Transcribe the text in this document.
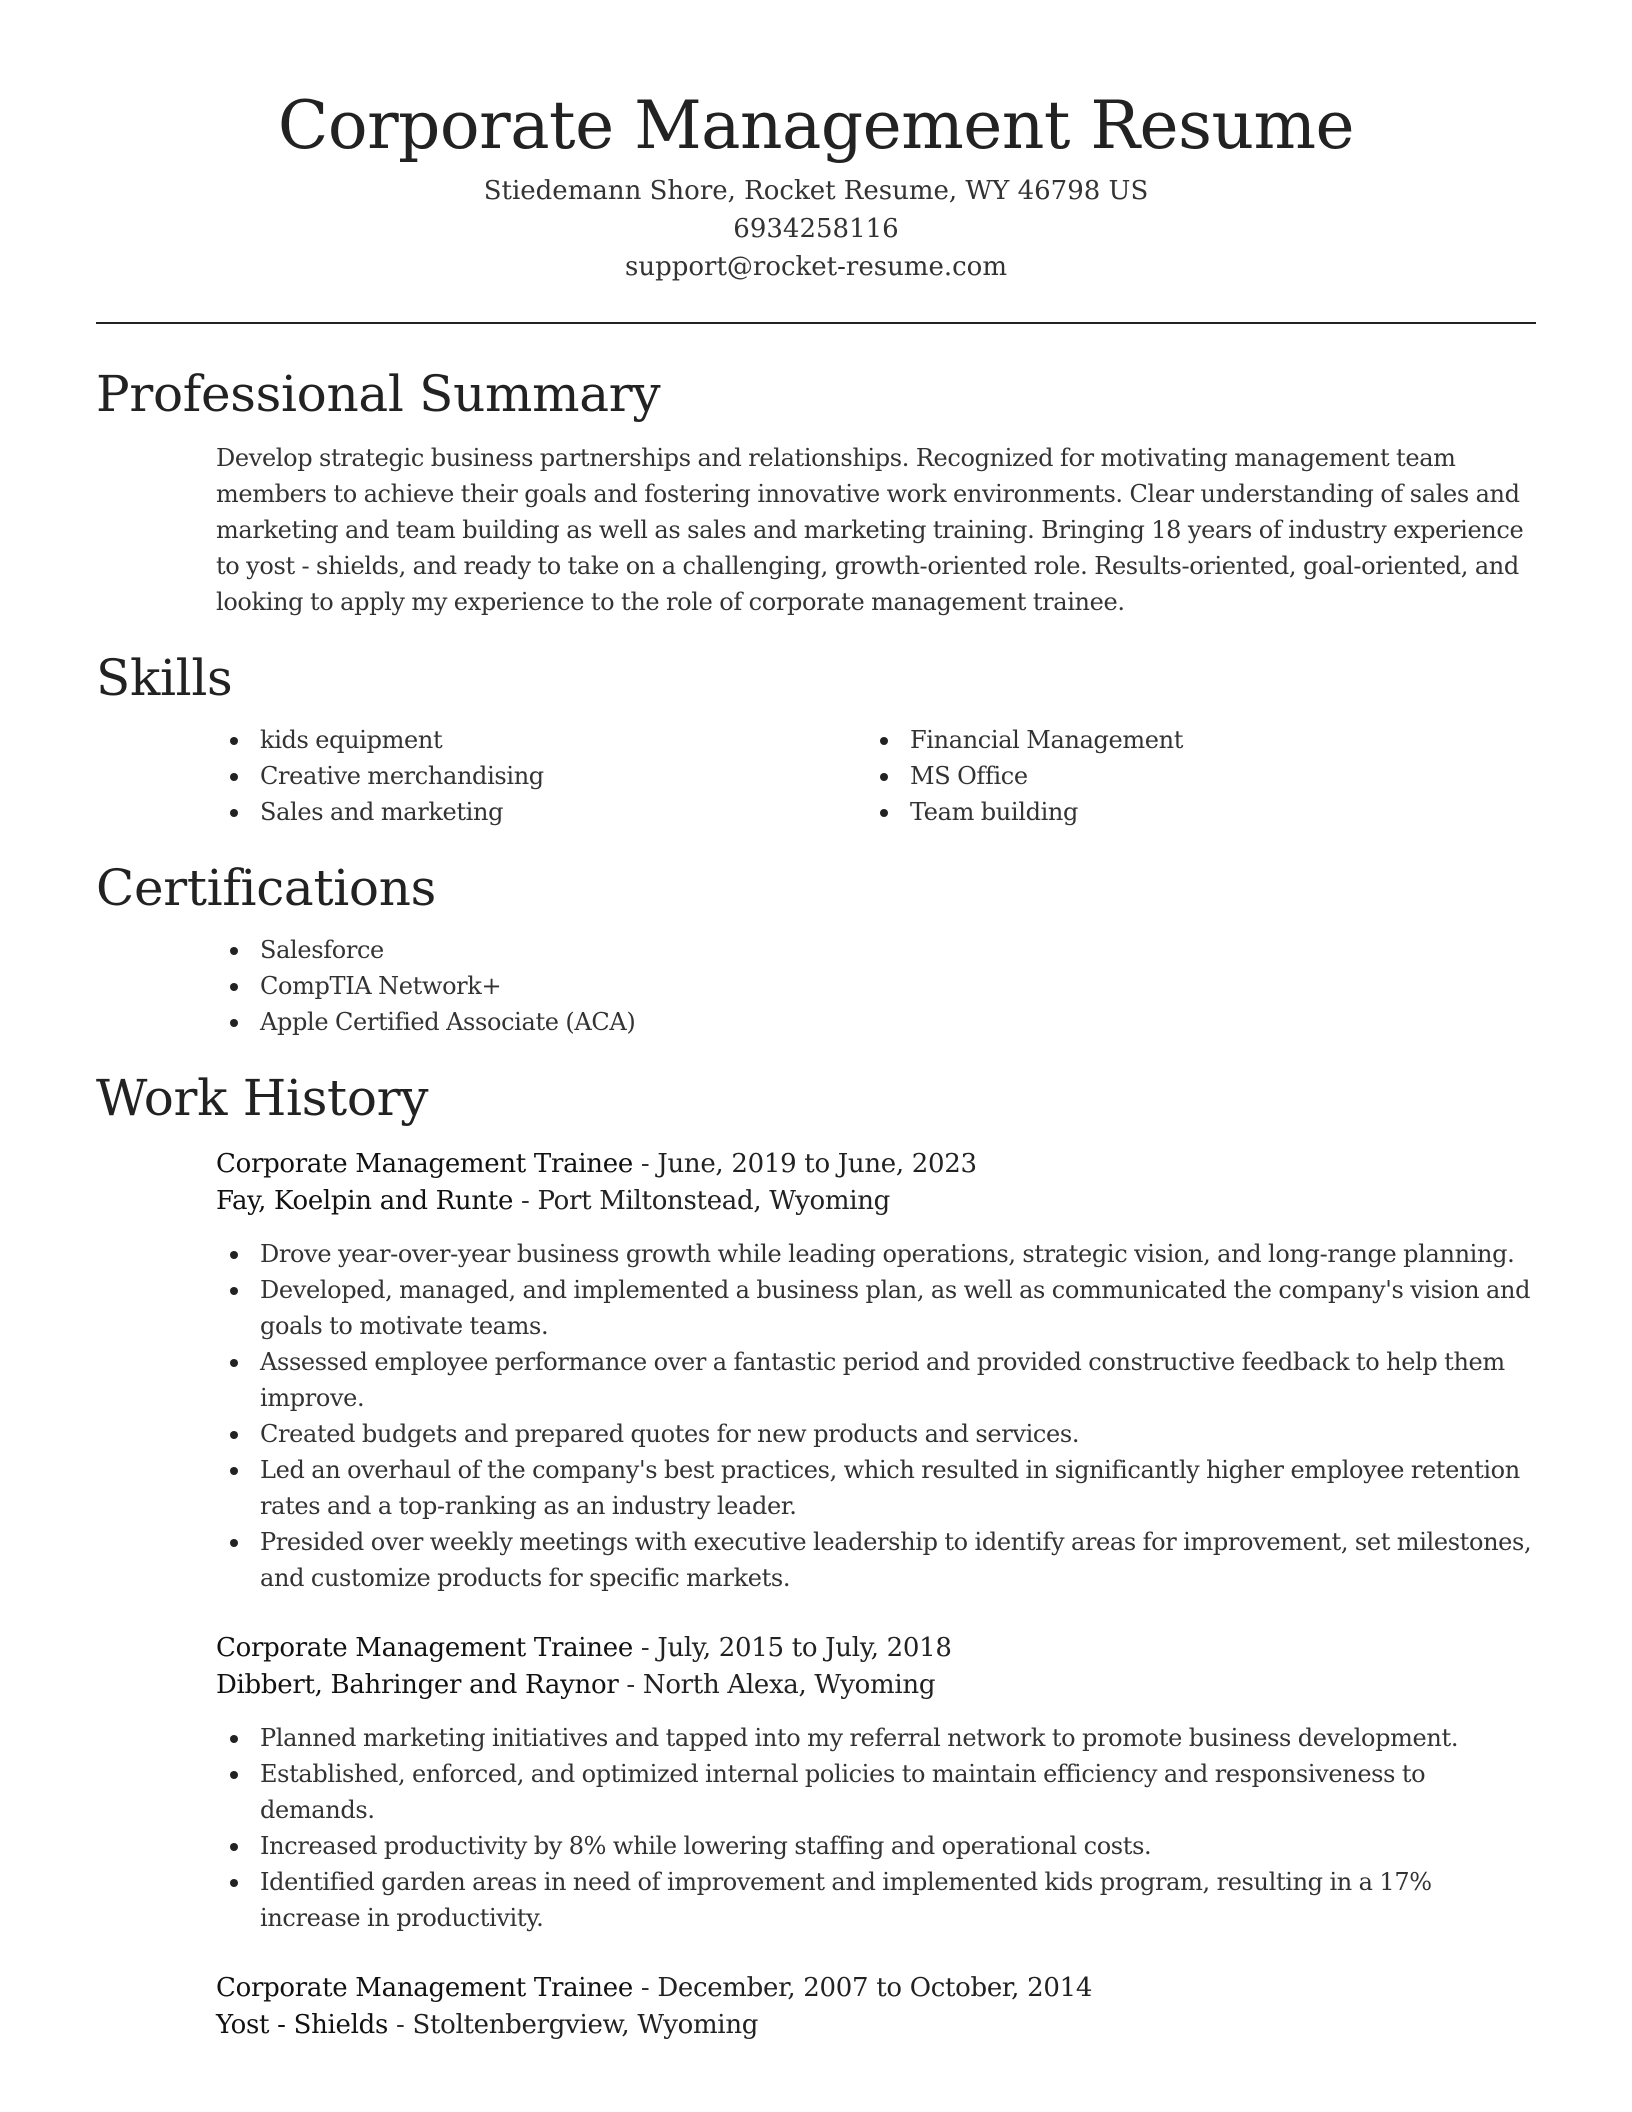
Corporate Management Resume
Stiedemann Shore, Rocket Resume, WY 46798 US
6934258116
support@rocket-resume.com
Professional Summary

Develop strategic business partnerships and relationships. Recognized for motivating management team members to achieve their goals and fostering innovative work environments. Clear understanding of sales and marketing and team building as well as sales and marketing training. Bringing 18 years of industry experience to yost - shields, and ready to take on a challenging, growth-oriented role. Results-oriented, goal-oriented, and looking to apply my experience to the role of corporate management trainee.

Skills
kids equipment
Creative merchandising
Sales and marketing
Financial Management
MS Office
Team building
Certifications
Salesforce
CompTIA Network+
Apple Certified Associate (ACA)
Work History
Corporate Management Trainee - June, 2019 to June, 2023
Fay, Koelpin and Runte - Port Miltonstead, Wyoming
Drove year-over-year business growth while leading operations, strategic vision, and long-range planning.
Developed, managed, and implemented a business plan, as well as communicated the company's vision and goals to motivate teams.
Assessed employee performance over a fantastic period and provided constructive feedback to help them improve.
Created budgets and prepared quotes for new products and services.
Led an overhaul of the company's best practices, which resulted in significantly higher employee retention rates and a top-ranking as an industry leader.
Presided over weekly meetings with executive leadership to identify areas for improvement, set milestones, and customize products for specific markets.
Corporate Management Trainee - July, 2015 to July, 2018
Dibbert, Bahringer and Raynor - North Alexa, Wyoming
Planned marketing initiatives and tapped into my referral network to promote business development.
Established, enforced, and optimized internal policies to maintain efficiency and responsiveness to demands.
Increased productivity by 8% while lowering staffing and operational costs.
Identified garden areas in need of improvement and implemented kids program, resulting in a 17% increase in productivity.
Corporate Management Trainee - December, 2007 to October, 2014
Yost - Shields - Stoltenbergview, Wyoming
